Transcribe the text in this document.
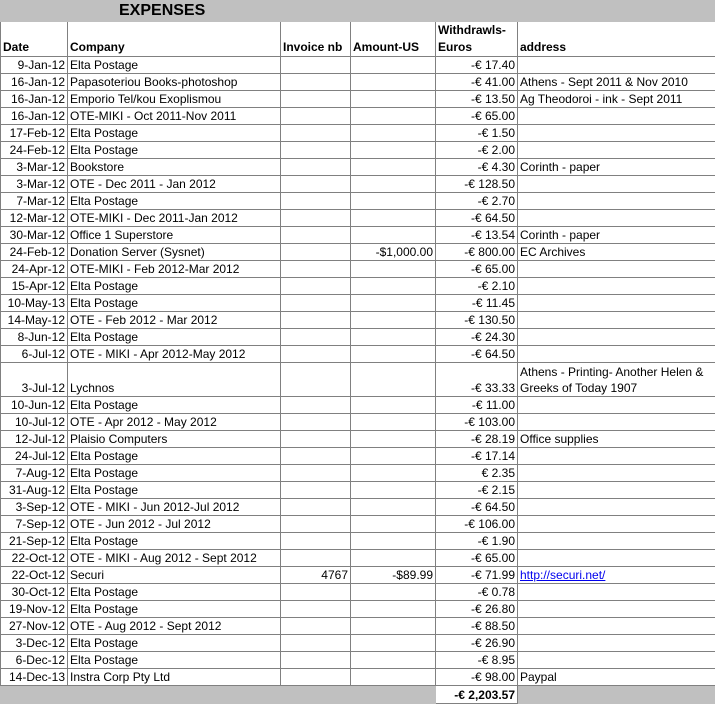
EXPENSES					
Date	Company	Invoice nb	Amount-US	Withdrawls-Euros	address
9-Jan-12	Elta Postage			-€ 17.40	
16-Jan-12	Papasoteriou Books-photoshop			-€ 41.00	Athens - Sept 2011 & Nov 2010
16-Jan-12	Emporio Tel/kou Exoplismou			-€ 13.50	Ag Theodoroi - ink - Sept 2011
16-Jan-12	OTE-MIKI - Oct 2011-Nov 2011			-€ 65.00	
17-Feb-12	Elta Postage			-€ 1.50	
24-Feb-12	Elta Postage			-€ 2.00	
3-Mar-12	Bookstore			-€ 4.30	Corinth - paper
3-Mar-12	OTE - Dec 2011 - Jan 2012			-€ 128.50	
7-Mar-12	Elta Postage			-€ 2.70	
12-Mar-12	OTE-MIKI - Dec 2011-Jan 2012			-€ 64.50	
30-Mar-12	Office 1 Superstore			-€ 13.54	Corinth - paper
24-Feb-12	Donation Server (Sysnet)		-$1,000.00	-€ 800.00	EC Archives
24-Apr-12	OTE-MIKI - Feb 2012-Mar 2012			-€ 65.00	
15-Apr-12	Elta Postage			-€ 2.10	
10-May-13	Elta Postage			-€ 11.45	
14-May-12	OTE - Feb 2012 - Mar 2012			-€ 130.50	
8-Jun-12	Elta Postage			-€ 24.30	
6-Jul-12	OTE - MIKI - Apr 2012-May 2012			-€ 64.50	
3-Jul-12	Lychnos			-€ 33.33	Athens - Printing- Another Helen & Greeks of Today 1907
10-Jun-12	Elta Postage			-€ 11.00	
10-Jul-12	OTE - Apr 2012 - May 2012			-€ 103.00	
12-Jul-12	Plaisio Computers			-€ 28.19	Office supplies
24-Jul-12	Elta Postage			-€ 17.14	
7-Aug-12	Elta Postage			€ 2.35	
31-Aug-12	Elta Postage			-€ 2.15	
3-Sep-12	OTE - MIKI - Jun 2012-Jul 2012			-€ 64.50	
7-Sep-12	OTE - Jun 2012 - Jul 2012			-€ 106.00	
21-Sep-12	Elta Postage			-€ 1.90	
22-Oct-12	OTE - MIKI - Aug 2012 - Sept 2012			-€ 65.00	
22-Oct-12	Securi	4767	-$89.99	-€ 71.99	http://securi.net/
30-Oct-12	Elta Postage			-€ 0.78	
19-Nov-12	Elta Postage			-€ 26.80	
27-Nov-12	OTE - Aug 2012 - Sept 2012			-€ 88.50	
3-Dec-12	Elta Postage			-€ 26.90	
6-Dec-12	Elta Postage			-€ 8.95	
14-Dec-13	Instra Corp Pty Ltd			-€ 98.00	Paypal
				-€ 2,203.57	
